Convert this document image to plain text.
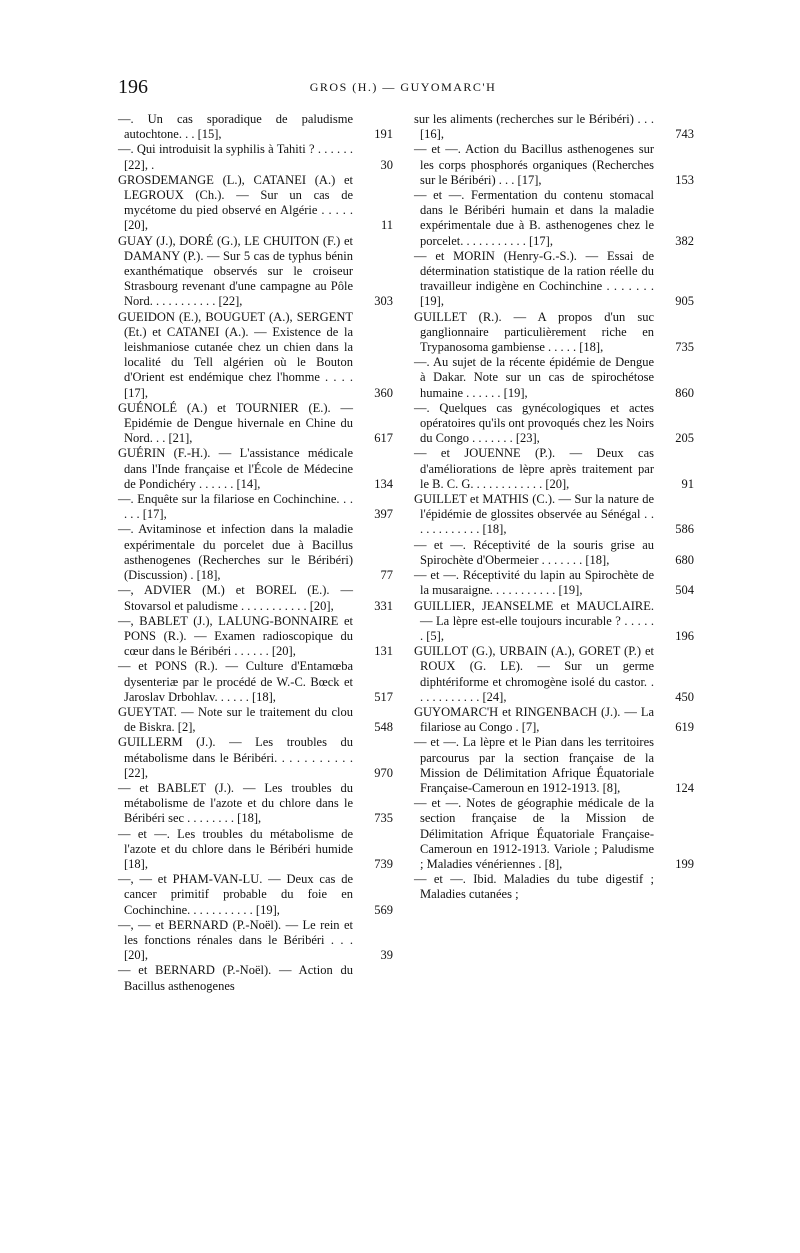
196	GROS (H.) — GUYOMARC'H

—. Un cas sporadique de paludisme autochtone. . . [15],	191

—. Qui introduisit la syphilis à Tahiti ? . . . . . . [22], .	30

GROSDEMANGE (L.), CATANEI (A.) et LEGROUX (Ch.). — Sur un cas de mycétome du pied observé en Algérie . . . . . [20],	11

GUAY (J.), DORÉ (G.), LE CHUITON (F.) et DAMANY (P.). — Sur 5 cas de typhus bénin exanthématique observés sur le croiseur Strasbourg revenant d'une campagne au Pôle Nord. . . . . . . . . . . [22],	303

GUEIDON (E.), BOUGUET (A.), SERGENT (Et.) et CATANEI (A.). — Existence de la leishmaniose cutanée chez un chien dans la localité du Tell algérien où le Bouton d'Orient est endémique chez l'homme . . . . [17],	360

GUÉNOLÉ (A.) et TOURNIER (E.). — Epidémie de Dengue hivernale en Chine du Nord. . . [21],	617

GUÉRIN (F.-H.). — L'assistance médicale dans l'Inde française et l'École de Médecine de Pondichéry . . . . . . [14],	134

—. Enquête sur la filariose en Cochinchine. . . . . . [17],	397

—. Avitaminose et infection dans la maladie expérimentale du porcelet due à Bacillus asthenogenes (Recherches sur le Béribéri) (Discussion) . [18],	77

—, ADVIER (M.) et BOREL (E.). — Stovarsol et paludisme . . . . . . . . . . . [20],	331

—, BABLET (J.), LALUNG-BONNAIRE et PONS (R.). — Examen radioscopique du cœur dans le Béribéri . . . . . . [20],	131

— et PONS (R.). — Culture d'Entamœba dysenteriæ par le procédé de W.-C. Bœck et Jaroslav Drbohlav. . . . . . [18],	517

GUEYTAT. — Note sur le traitement du clou de Biskra. [2],	548

GUILLERM (J.). — Les troubles du métabolisme dans le Béribéri. . . . . . . . . . . [22],	970

— et BABLET (J.). — Les troubles du métabolisme de l'azote et du chlore dans le Béribéri sec . . . . . . . . [18],	735

— et —. Les troubles du métabolisme de l'azote et du chlore dans le Béribéri humide [18],	739

—, — et PHAM-VAN-LU. — Deux cas de cancer primitif probable du foie en Cochinchine. . . . . . . . . . . [19],	569

—, — et BERNARD (P.-Noël). — Le rein et les fonctions rénales dans le Béribéri . . . [20],	39

— et BERNARD (P.-Noël). — Action du Bacillus asthenogenes

sur les aliments (recherches sur le Béribéri) . . . [16],	743

— et —. Action du Bacillus asthenogenes sur les corps phosphorés organiques (Recherches sur le Béribéri) . . . [17],	153

— et —. Fermentation du contenu stomacal dans le Béribéri humain et dans la maladie expérimentale due à B. asthenogenes chez le porcelet. . . . . . . . . . . [17],	382

— et MORIN (Henry-G.-S.). — Essai de détermination statistique de la ration réelle du travailleur indigène en Cochinchine . . . . . . . [19],	905

GUILLET (R.). — A propos d'un suc ganglionnaire particulièrement riche en Trypanosoma gambiense . . . . . [18],	735

—. Au sujet de la récente épidémie de Dengue à Dakar. Note sur un cas de spirochétose humaine . . . . . . [19],	860

—. Quelques cas gynécologiques et actes opératoires qu'ils ont provoqués chez les Noirs du Congo . . . . . . . [23],	205

— et JOUENNE (P.). — Deux cas d'améliorations de lèpre après traitement par le B. C. G. . . . . . . . . . . . [20],	91

GUILLET et MATHIS (C.). — Sur la nature de l'épidémie de glossites observée au Sénégal . . . . . . . . . . . . [18],	586

— et —. Réceptivité de la souris grise au Spirochète d'Obermeier . . . . . . . [18],	680

— et —. Réceptivité du lapin au Spirochète de la musaraigne. . . . . . . . . . . [19],	504

GUILLIER, JEANSELME et MAUCLAIRE. — La lèpre est-elle toujours incurable ? . . . . . . [5],	196

GUILLOT (G.), URBAIN (A.), GORET (P.) et ROUX (G. LE). — Sur un germe diphtériforme et chromogène isolé du castor. . . . . . . . . . . . [24],	450

GUYOMARC'H et RINGENBACH (J.). — La filariose au Congo . [7],	619

— et —. La lèpre et le Pian dans les territoires parcourus par la section française de la Mission de Délimitation Afrique Équatoriale Française-Cameroun en 1912-1913. [8],	124

— et —. Notes de géographie médicale de la section française de la Mission de Délimitation Afrique Équatoriale Française-Cameroun en 1912-1913. Variole ; Paludisme ; Maladies vénériennes . [8],	199

— et —. Ibid. Maladies du tube digestif ; Maladies cutanées ;
